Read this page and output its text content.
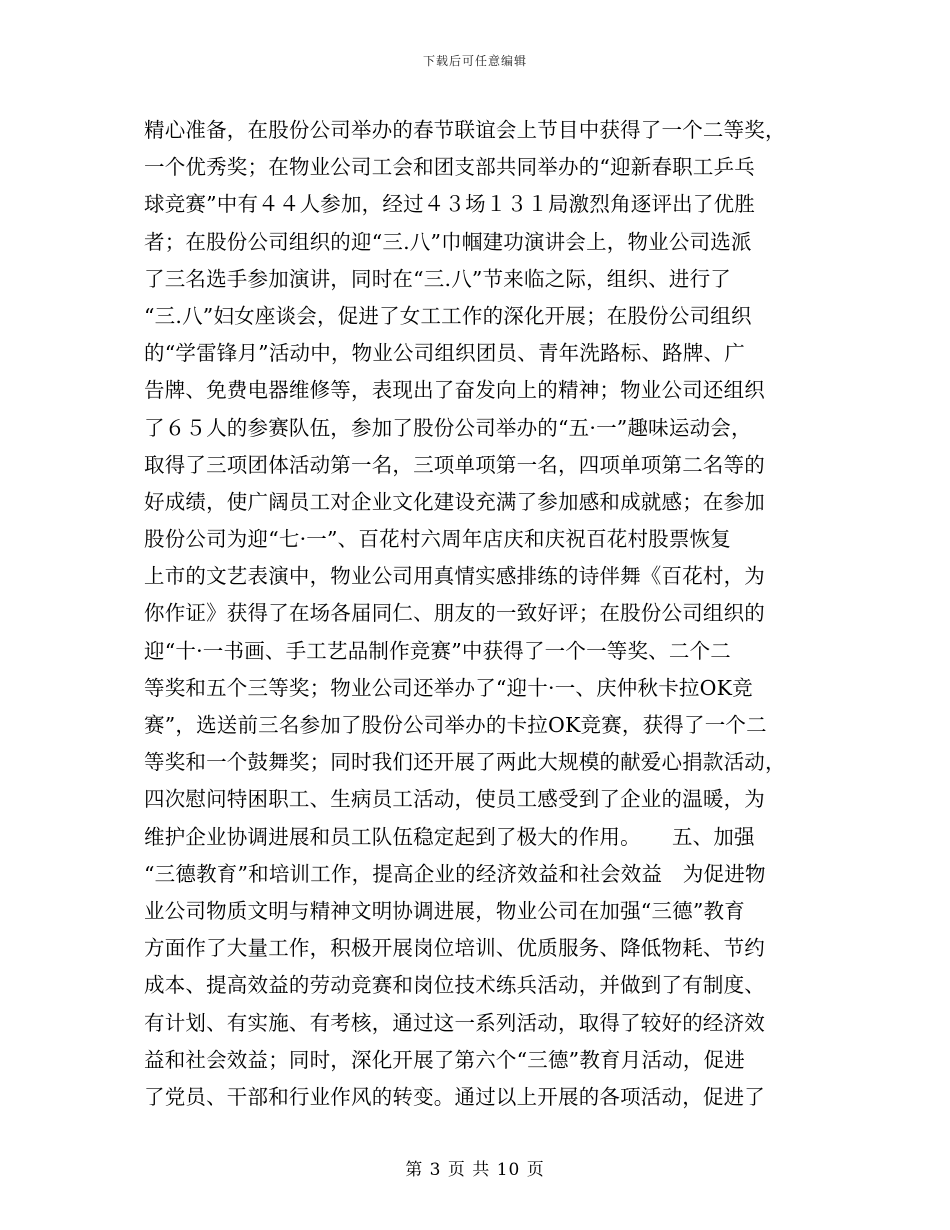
下载后可任意编辑
精心准备，在股份公司举办的春节联谊会上节目中获得了一个二等奖，
一个优秀奖；在物业公司工会和团支部共同举办的“迎新春职工乒乓
球竞赛”中有４４人参加，经过４３场１３１局激烈角逐评出了优胜
者；在股份公司组织的迎“三.八”巾帼建功演讲会上，物业公司选派
了三名选手参加演讲，同时在“三.八”节来临之际，组织、进行了
“三.八”妇女座谈会，促进了女工工作的深化开展；在股份公司组织
的“学雷锋月”活动中，物业公司组织团员、青年洗路标、路牌、广
告牌、免费电器维修等，表现出了奋发向上的精神；物业公司还组织
了６５人的参赛队伍，参加了股份公司举办的“五·一”趣味运动会，
取得了三项团体活动第一名，三项单项第一名，四项单项第二名等的
好成绩，使广阔员工对企业文化建设充满了参加感和成就感；在参加
股份公司为迎“七·一”、百花村六周年店庆和庆祝百花村股票恢复
上市的文艺表演中，物业公司用真情实感排练的诗伴舞《百花村，为
你作证》获得了在场各届同仁、朋友的一致好评；在股份公司组织的
迎“十·一书画、手工艺品制作竞赛”中获得了一个一等奖、二个二
等奖和五个三等奖；物业公司还举办了“迎十·一、庆仲秋卡拉OK竞
赛”，选送前三名参加了股份公司举办的卡拉OK竞赛，获得了一个二
等奖和一个鼓舞奖；同时我们还开展了两此大规模的献爱心捐款活动，
四次慰问特困职工、生病员工活动，使员工感受到了企业的温暖，为
维护企业协调进展和员工队伍稳定起到了极大的作用。　　五、加强
“三德教育”和培训工作，提高企业的经济效益和社会效益　为促进物
业公司物质文明与精神文明协调进展，物业公司在加强“三德”教育
方面作了大量工作，积极开展岗位培训、优质服务、降低物耗、节约
成本、提高效益的劳动竞赛和岗位技术练兵活动，并做到了有制度、
有计划、有实施、有考核，通过这一系列活动，取得了较好的经济效
益和社会效益；同时，深化开展了第六个“三德”教育月活动，促进
了党员、干部和行业作风的转变。通过以上开展的各项活动，促进了
第 3 页 共 10 页
